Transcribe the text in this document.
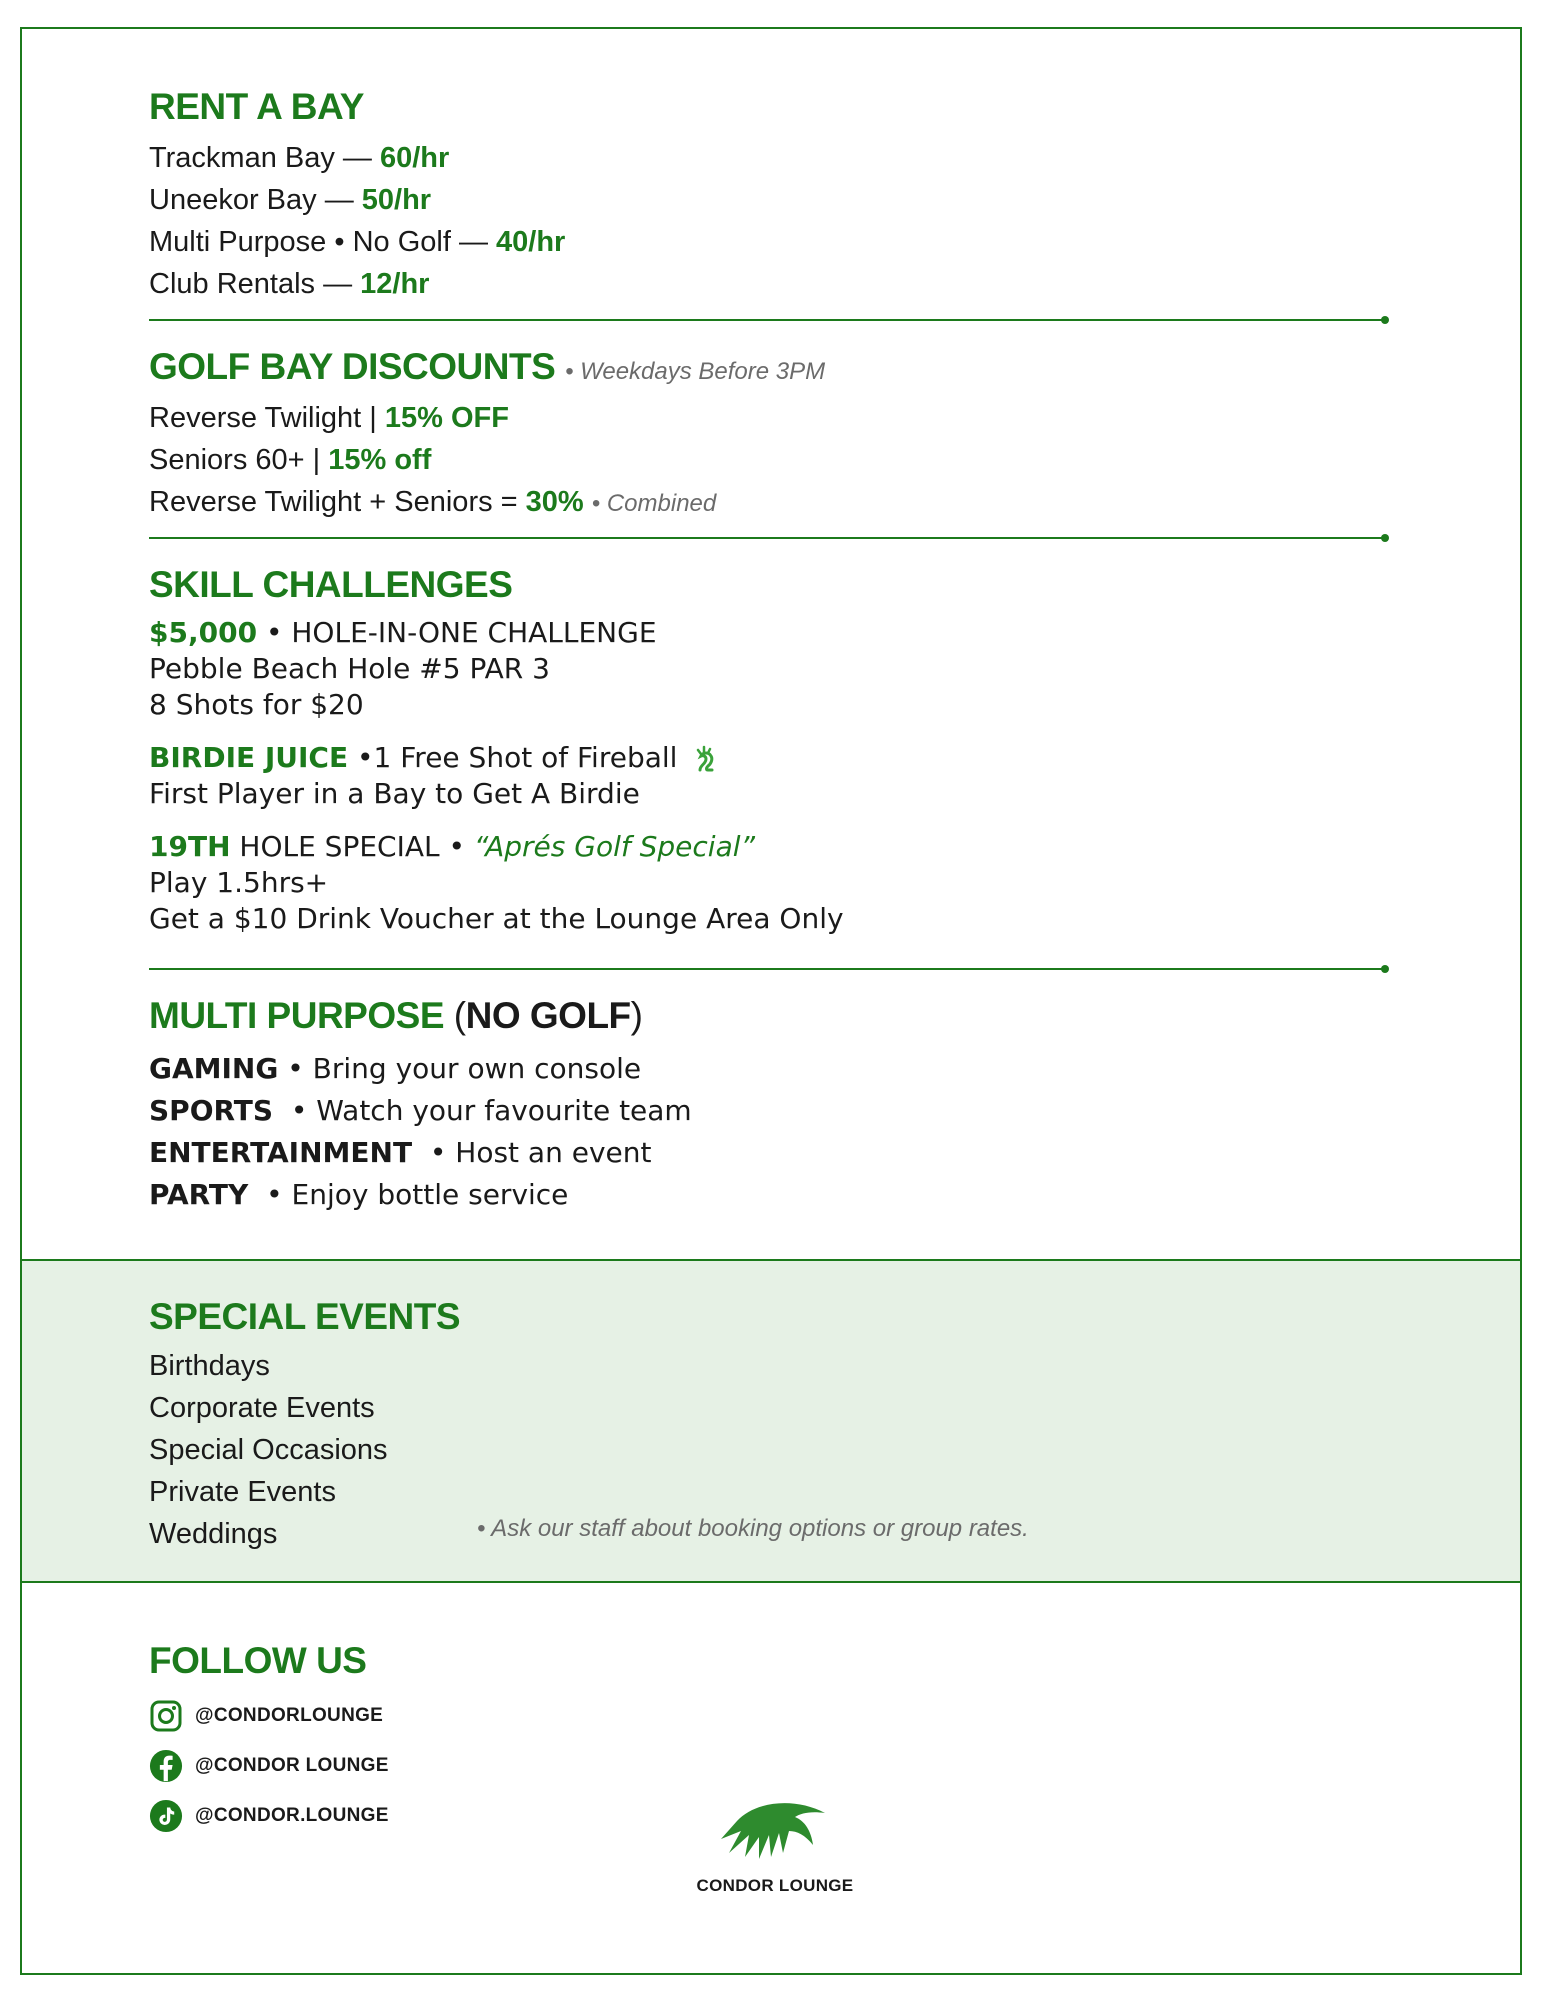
RENT A BAY
Trackman Bay — 60/hr
Uneekor Bay — 50/hr
Multi Purpose • No Golf — 40/hr
Club Rentals — 12/hr
GOLF BAY DISCOUNTS • Weekdays Before 3PM
Reverse Twilight | 15% OFF
Seniors 60+ | 15% off
Reverse Twilight + Seniors = 30% • Combined
SKILL CHALLENGES
$5,000 • HOLE-IN-ONE CHALLENGE
Pebble Beach Hole #5 PAR 3
8 Shots for $20
BIRDIE JUICE •1 Free Shot of Fireball
First Player in a Bay to Get A Birdie
19TH HOLE SPECIAL • “Aprés Golf Special”
Play 1.5hrs+
Get a $10 Drink Voucher at the Lounge Area Only
MULTI PURPOSE (NO GOLF)
GAMING • Bring your own console
SPORTS  • Watch your favourite team
ENTERTAINMENT  • Host an event
PARTY  • Enjoy bottle service
SPECIAL EVENTS
Birthdays
Corporate Events
Special Occasions
Private Events
Weddings	• Ask our staff about booking options or group rates.
FOLLOW US
@CONDORLOUNGE
@CONDOR LOUNGE
@CONDOR.LOUNGE
CONDOR LOUNGE
